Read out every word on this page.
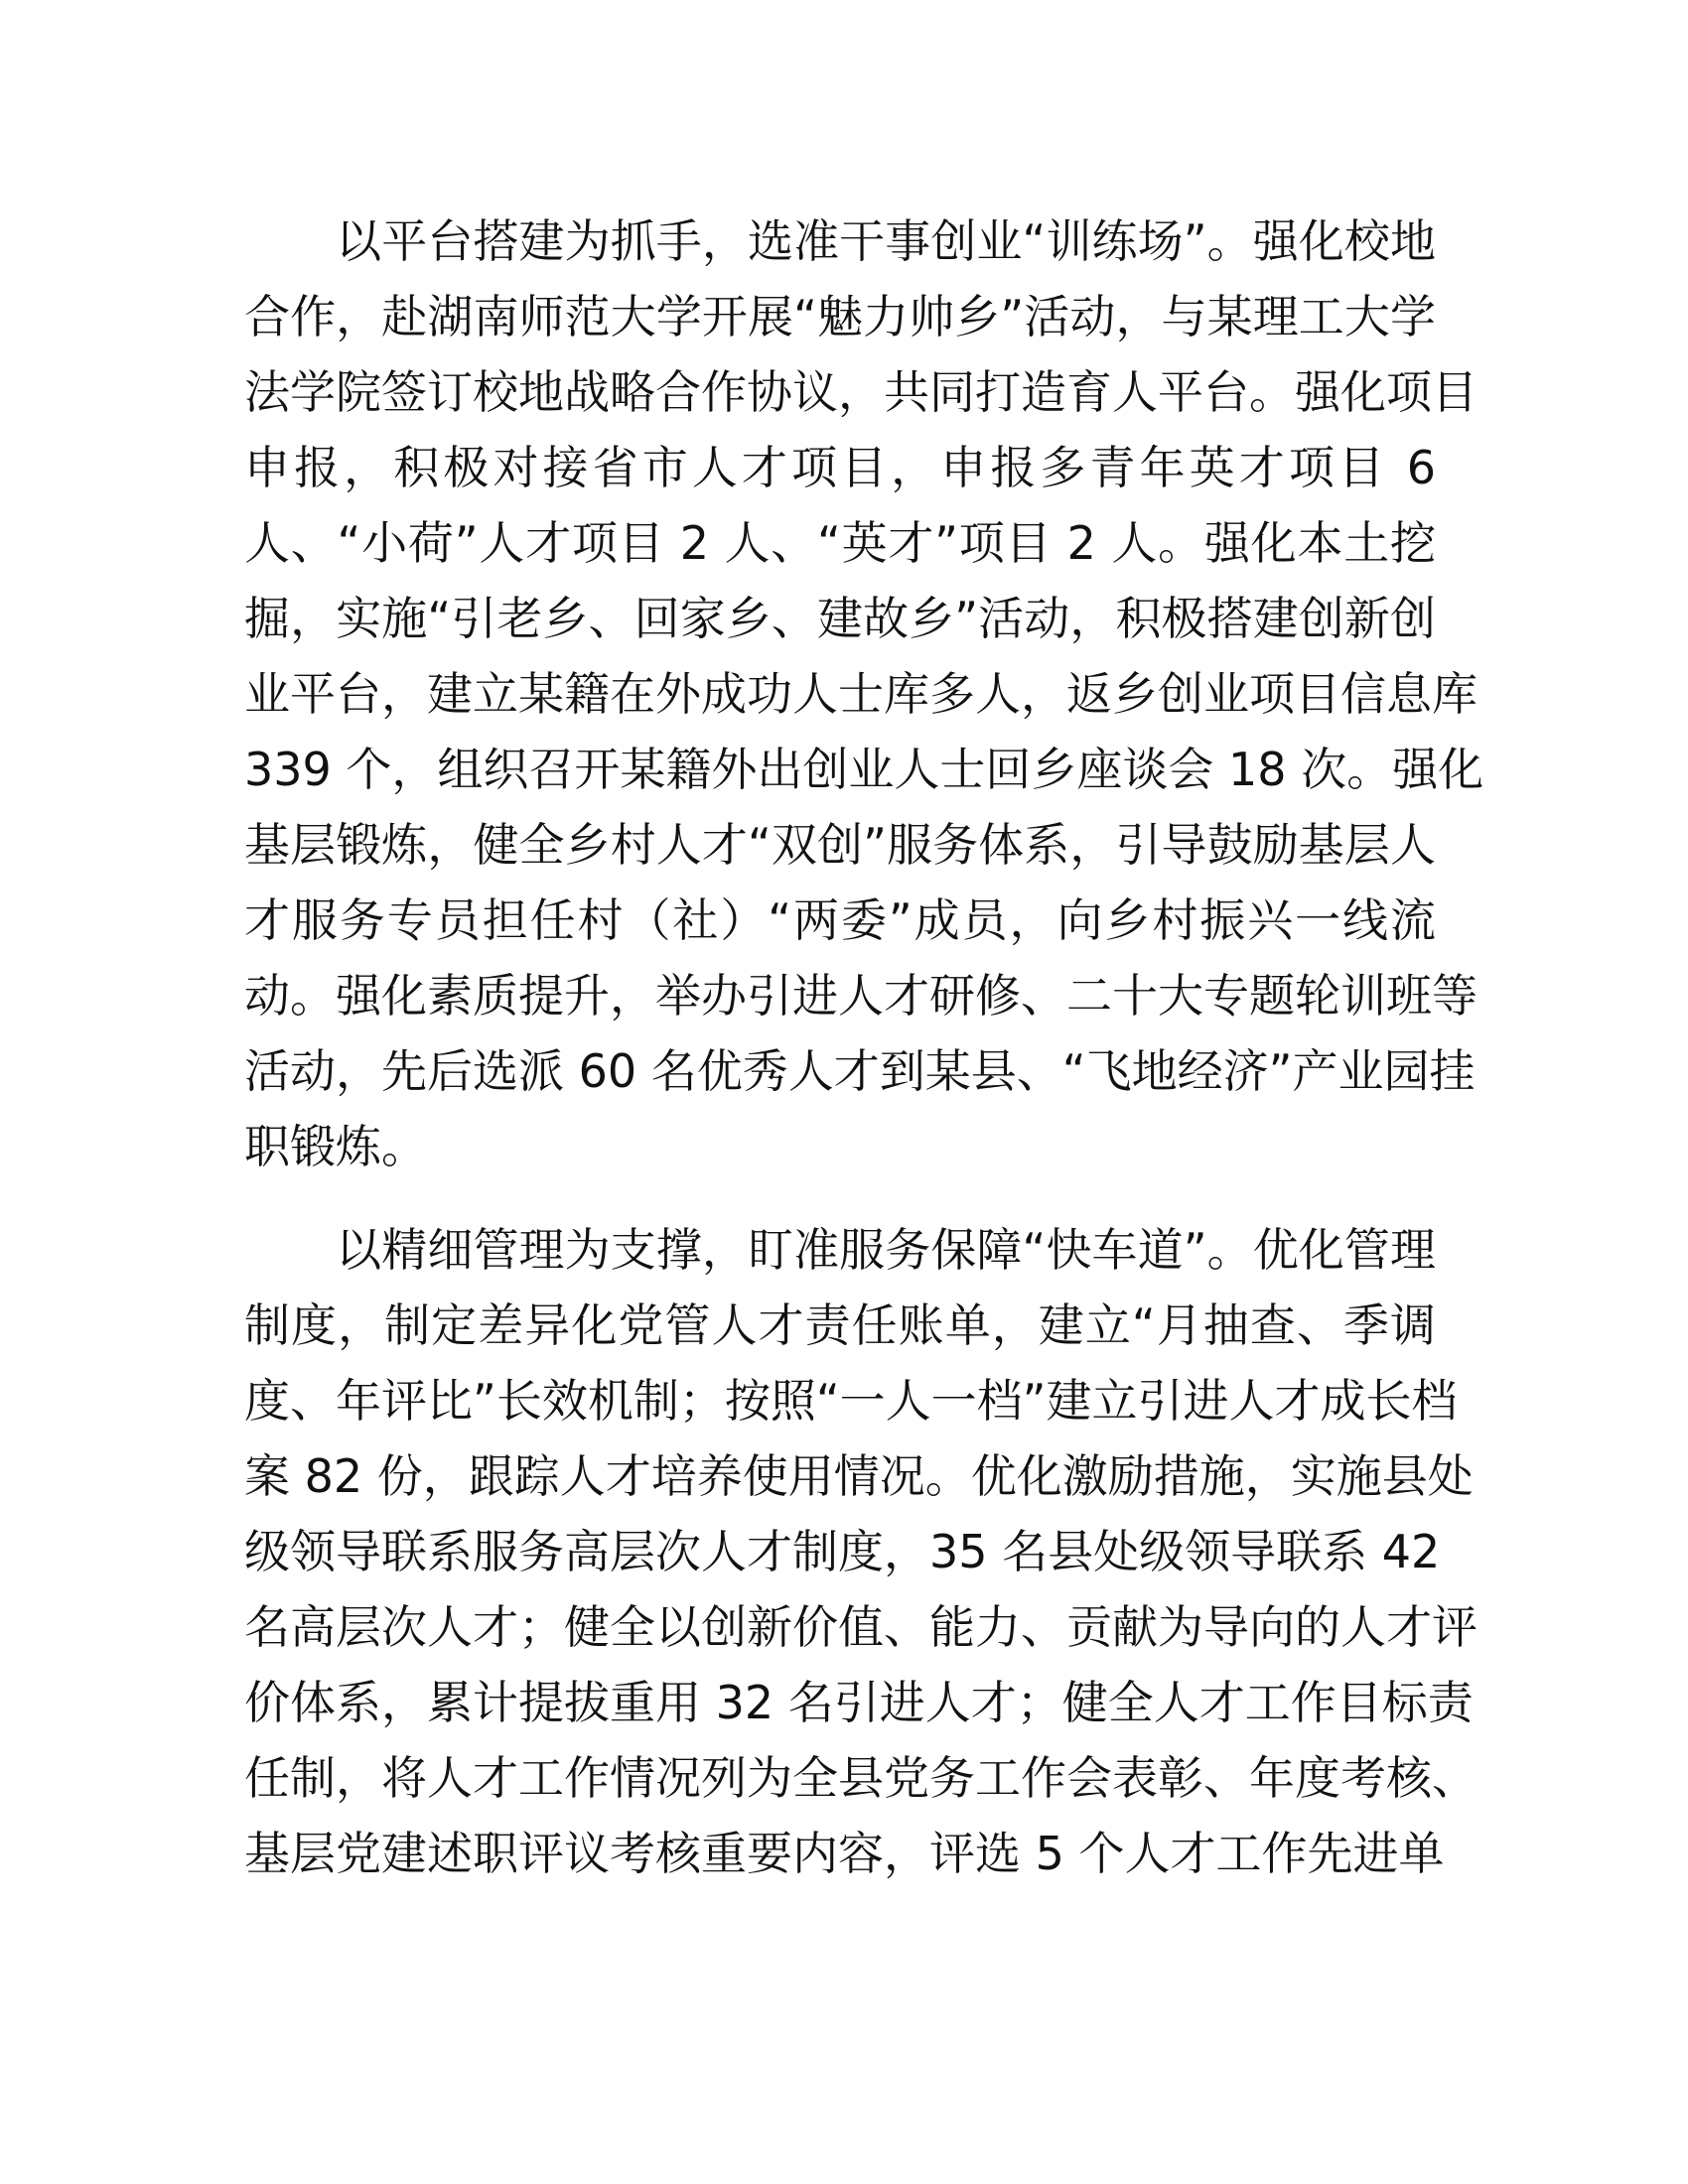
　　以平台搭建为抓手，选准干事创业“训练场”。强化校地
合作，赴湖南师范大学开展“魅力帅乡”活动，与某理工大学
法学院签订校地战略合作协议，共同打造育人平台。强化项目
申报，积极对接省市人才项目，申报多青年英才项目 6
人、“小荷”人才项目 2 人、“英才”项目 2 人。强化本土挖
掘，实施“引老乡、回家乡、建故乡”活动，积极搭建创新创
业平台，建立某籍在外成功人士库多人，返乡创业项目信息库
339 个，组织召开某籍外出创业人士回乡座谈会 18 次。强化
基层锻炼，健全乡村人才“双创”服务体系，引导鼓励基层人
才服务专员担任村（社）“两委”成员，向乡村振兴一线流
动。强化素质提升，举办引进人才研修、二十大专题轮训班等
活动，先后选派 60 名优秀人才到某县、“飞地经济”产业园挂
职锻炼。
　　以精细管理为支撑，盯准服务保障“快车道”。优化管理
制度，制定差异化党管人才责任账单，建立“月抽查、季调
度、年评比”长效机制；按照“一人一档”建立引进人才成长档
案 82 份，跟踪人才培养使用情况。优化激励措施，实施县处
级领导联系服务高层次人才制度，35 名县处级领导联系 42
名高层次人才；健全以创新价值、能力、贡献为导向的人才评
价体系，累计提拔重用 32 名引进人才；健全人才工作目标责
任制，将人才工作情况列为全县党务工作会表彰、年度考核、
基层党建述职评议考核重要内容，评选 5 个人才工作先进单
